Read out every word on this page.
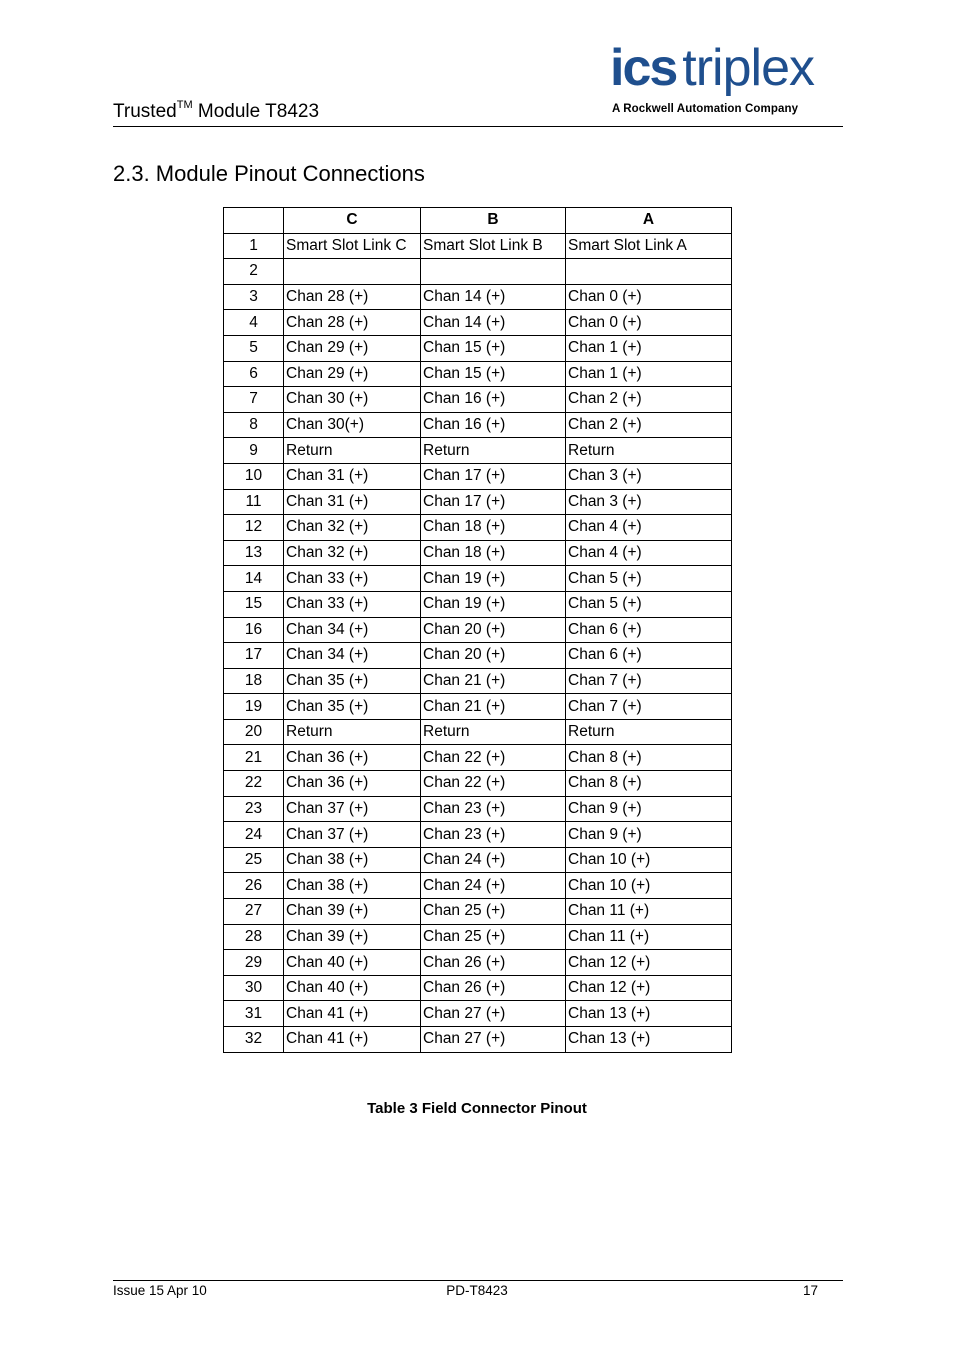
Trusted™ Module T8423
ics triplex
A Rockwell Automation Company
2.3. Module Pinout Connections
	C	B	A
1	Smart Slot Link C	Smart Slot Link B	Smart Slot Link A
2			
3	Chan 28 (+)	Chan 14 (+)	Chan 0 (+)
4	Chan 28 (+)	Chan 14 (+)	Chan 0 (+)
5	Chan 29 (+)	Chan 15 (+)	Chan 1 (+)
6	Chan 29 (+)	Chan 15 (+)	Chan 1 (+)
7	Chan 30 (+)	Chan 16 (+)	Chan 2 (+)
8	Chan 30(+)	Chan 16 (+)	Chan 2 (+)
9	Return	Return	Return
10	Chan 31 (+)	Chan 17 (+)	Chan 3 (+)
11	Chan 31 (+)	Chan 17 (+)	Chan 3 (+)
12	Chan 32 (+)	Chan 18 (+)	Chan 4 (+)
13	Chan 32 (+)	Chan 18 (+)	Chan 4 (+)
14	Chan 33 (+)	Chan 19 (+)	Chan 5 (+)
15	Chan 33 (+)	Chan 19 (+)	Chan 5 (+)
16	Chan 34 (+)	Chan 20 (+)	Chan 6 (+)
17	Chan 34 (+)	Chan 20 (+)	Chan 6 (+)
18	Chan 35 (+)	Chan 21 (+)	Chan 7 (+)
19	Chan 35 (+)	Chan 21 (+)	Chan 7 (+)
20	Return	Return	Return
21	Chan 36 (+)	Chan 22 (+)	Chan 8 (+)
22	Chan 36 (+)	Chan 22 (+)	Chan 8 (+)
23	Chan 37 (+)	Chan 23 (+)	Chan 9 (+)
24	Chan 37 (+)	Chan 23 (+)	Chan 9 (+)
25	Chan 38 (+)	Chan 24 (+)	Chan 10 (+)
26	Chan 38 (+)	Chan 24 (+)	Chan 10 (+)
27	Chan 39 (+)	Chan 25 (+)	Chan 11 (+)
28	Chan 39 (+)	Chan 25 (+)	Chan 11 (+)
29	Chan 40 (+)	Chan 26 (+)	Chan 12 (+)
30	Chan 40 (+)	Chan 26 (+)	Chan 12 (+)
31	Chan 41 (+)	Chan 27 (+)	Chan 13 (+)
32	Chan 41 (+)	Chan 27 (+)	Chan 13 (+)
Table 3 Field Connector Pinout
Issue 15 Apr 10	PD-T8423	17
